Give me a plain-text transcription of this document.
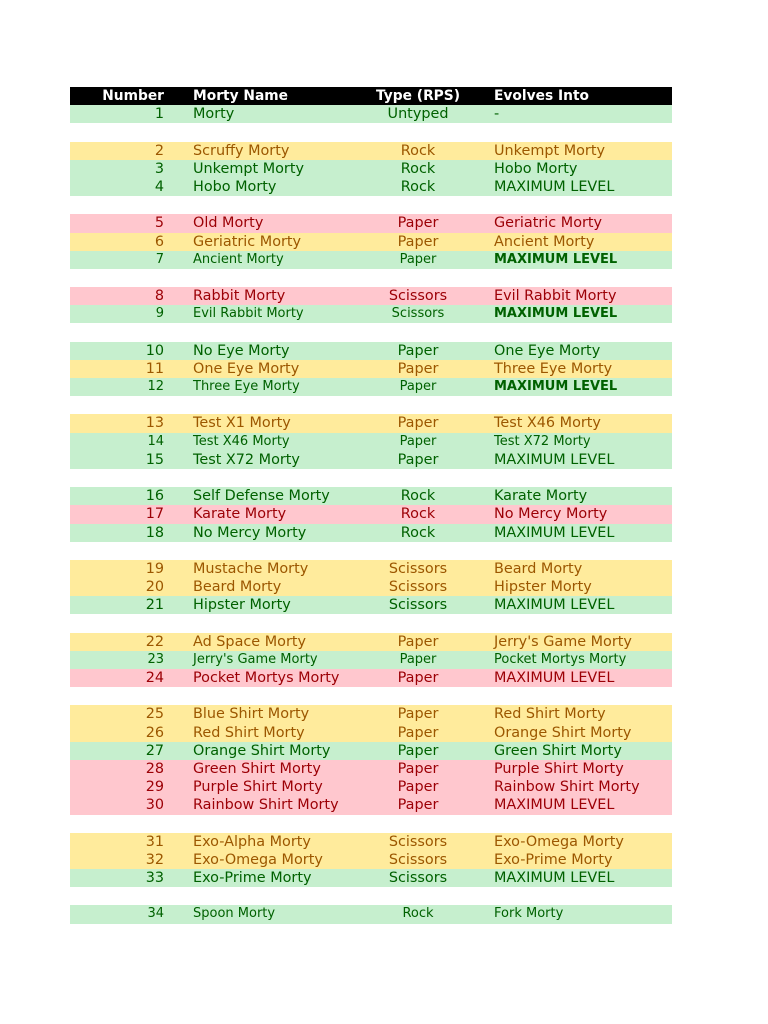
Number Morty Name	Type (RPS)	Evolves Into
1 Morty	Untyped	-
2 Scruffy Morty	Rock	Unkempt Morty
3 Unkempt Morty	Rock	Hobo Morty
4 Hobo Morty	Rock	MAXIMUM LEVEL
5 Old Morty	Paper	Geriatric Morty
6 Geriatric Morty	Paper	Ancient Morty
7 Ancient Morty	Paper	MAXIMUM LEVEL
8 Rabbit Morty	Scissors	Evil Rabbit Morty
9 Evil Rabbit Morty	Scissors	MAXIMUM LEVEL
10 No Eye Morty	Paper	One Eye Morty
11 One Eye Morty	Paper	Three Eye Morty
12 Three Eye Morty	Paper	MAXIMUM LEVEL
13 Test X1 Morty	Paper	Test X46 Morty
14 Test X46 Morty	Paper	Test X72 Morty
15 Test X72 Morty	Paper	MAXIMUM LEVEL
16 Self Defense Morty	Rock	Karate Morty
17 Karate Morty	Rock	No Mercy Morty
18 No Mercy Morty	Rock	MAXIMUM LEVEL
19 Mustache Morty	Scissors	Beard Morty
20 Beard Morty	Scissors	Hipster Morty
21 Hipster Morty	Scissors	MAXIMUM LEVEL
22 Ad Space Morty	Paper	Jerry's Game Morty
23 Jerry's Game Morty	Paper	Pocket Mortys Morty
24 Pocket Mortys Morty	Paper	MAXIMUM LEVEL
25 Blue Shirt Morty	Paper	Red Shirt Morty
26 Red Shirt Morty	Paper	Orange Shirt Morty
27 Orange Shirt Morty	Paper	Green Shirt Morty
28 Green Shirt Morty	Paper	Purple Shirt Morty
29 Purple Shirt Morty	Paper	Rainbow Shirt Morty
30 Rainbow Shirt Morty	Paper	MAXIMUM LEVEL
31 Exo-Alpha Morty	Scissors	Exo-Omega Morty
32 Exo-Omega Morty	Scissors	Exo-Prime Morty
33 Exo-Prime Morty	Scissors	MAXIMUM LEVEL
34 Spoon Morty	Rock	Fork Morty
